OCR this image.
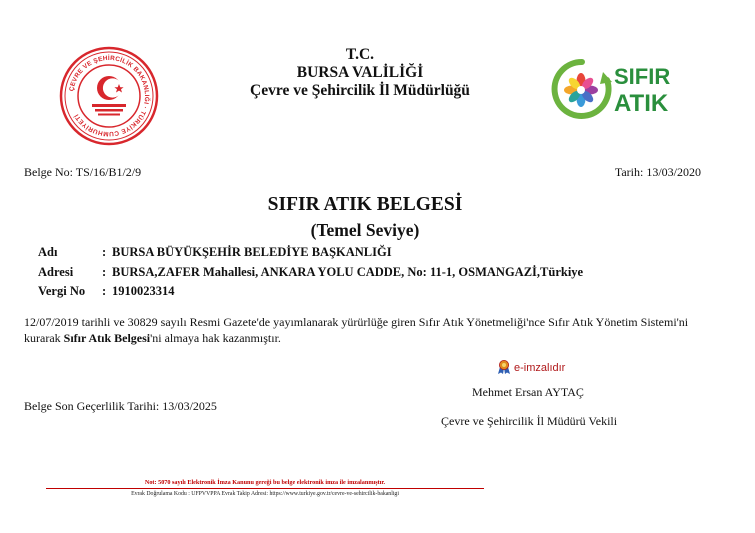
ÇEVRE VE ŞEHİRCİLİK BAKANLIĞI · TÜRKİYE CUMHURİYETİ
T.C.
BURSA VALİLİĞİ
Çevre ve Şehircilik İl Müdürlüğü
SIFIR
ATIK
Belge No: TS/16/B1/2/9	Tarih: 13/03/2020
SIFIR ATIK BELGESİ
(Temel Seviye)
Adı	: BURSA BÜYÜKŞEHİR BELEDİYE BAŞKANLIĞI
Adresi	: BURSA,ZAFER Mahallesi, ANKARA YOLU CADDE, No: 11-1, OSMANGAZİ,Türkiye
Vergi No	: 1910023314
12/07/2019 tarihli ve 30829 sayılı Resmi Gazete'de yayımlanarak yürürlüğe giren Sıfır Atık Yönetmeliği'nce Sıfır Atık Yönetim Sistemi'ni kurarak Sıfır Atık Belgesi'ni almaya hak kazanmıştır.
e-imzalıdır
Mehmet Ersan AYTAÇ
Belge Son Geçerlilik Tarihi: 13/03/2025
Çevre ve Şehircilik İl Müdürü Vekili
Not: 5070 sayılı Elektronik İmza Kanunu gereği bu belge elektronik imza ile imzalanmıştır.
Evrak Doğrulama Kodu : UFPVVPPA Evrak Takip Adresi: https://www.turkiye.gov.tr/cevre-ve-sehircilik-bakanligi
